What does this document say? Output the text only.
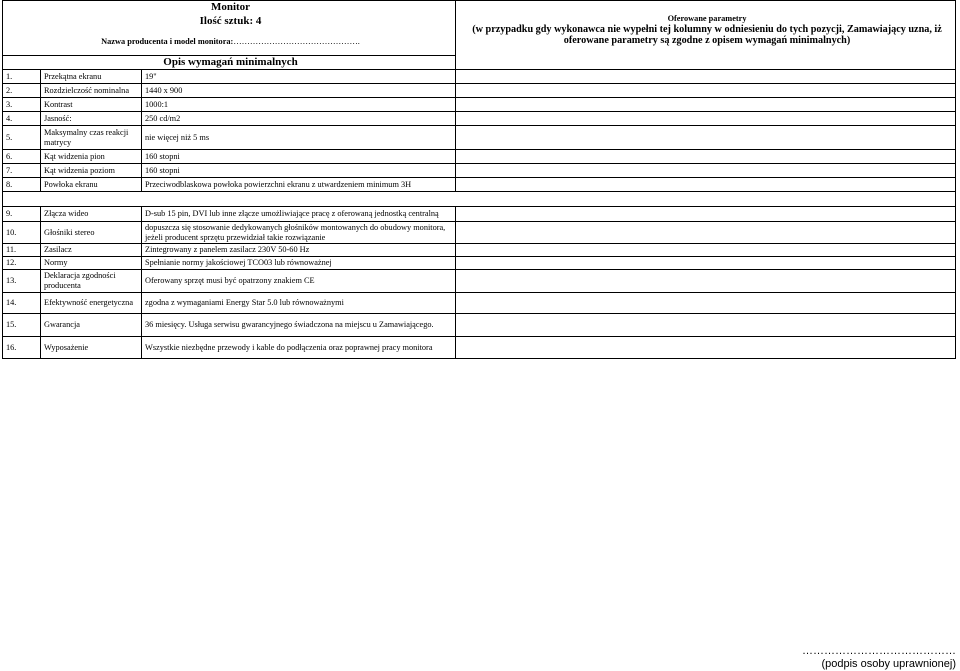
Monitor	Oferowane parametry

(w przypadku gdy wykonawca nie wypełni tej kolumny w odniesieniu do tych pozycji, Zamawiający uzna, iż oferowane parametry są zgodne z opisem wymagań minimalnych)

Ilość sztuk: 4
Nazwa producenta i model monitora:……………………………………….
Opis wymagań minimalnych

1.	Przekątna ekranu	19"	
2.	Rozdzielczość nominalna	1440 x 900	
3.	Kontrast	1000:1	
4.	Jasność:	250 cd/m2	
5.	Maksymalny czas reakcji matrycy	nie więcej niż 5 ms	
6.	Kąt widzenia pion	160 stopni	
7.	Kąt widzenia poziom	160 stopni	
8.	Powłoka ekranu	Przeciwodblaskowa powłoka powierzchni ekranu z utwardzeniem minimum 3H	

9.	Złącza wideo	D-sub 15 pin, DVI lub inne złącze umożliwiające pracę z oferowaną jednostką centralną	
10.	Głośniki stereo	dopuszcza się stosowanie dedykowanych głośników montowanych do obudowy monitora, jeżeli producent sprzętu przewidział takie rozwiązanie	
11.	Zasilacz	Zintegrowany z panelem zasilacz 230V 50-60 Hz	
12.	Normy	Spełnianie normy jakościowej TCO03 lub równoważnej	
13.	Deklaracja zgodności producenta	Oferowany sprzęt musi być opatrzony znakiem CE	
14.	Efektywność energetyczna	zgodna z wymaganiami Energy Star 5.0 lub równoważnymi	
15.	Gwarancja	36 miesięcy. Usługa serwisu gwarancyjnego świadczona na miejscu u Zamawiającego.	
16.	Wyposażenie	Wszystkie niezbędne przewody i kable do podłączenia oraz poprawnej pracy monitora	
……………………………………
(podpis osoby uprawnionej)
